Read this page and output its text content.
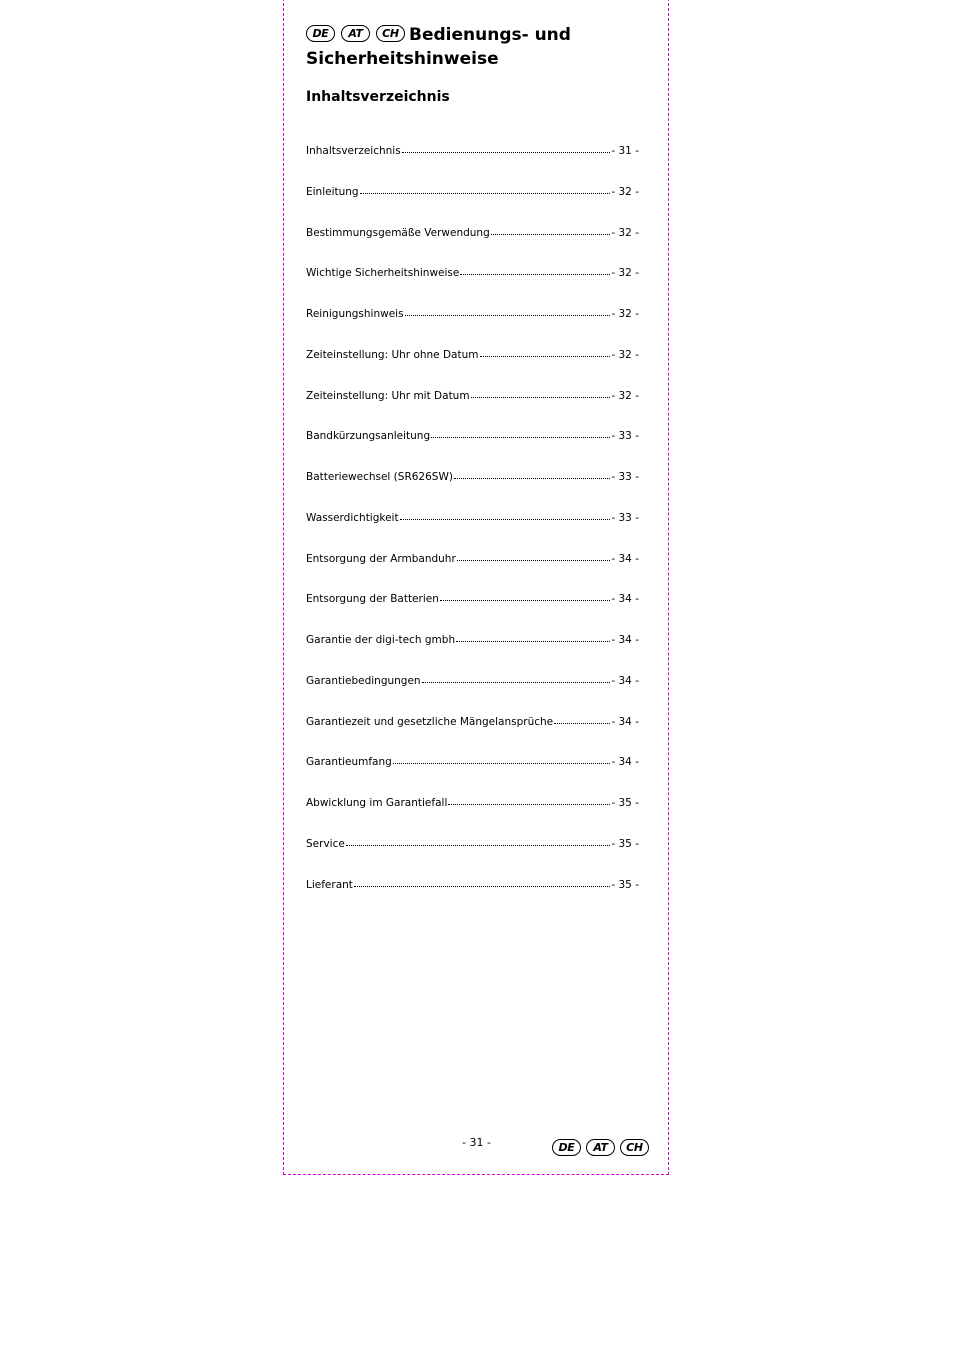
DE	AT	CH Bedienungs- und
Sicherheitshinweise
Inhaltsverzeichnis
Inhaltsverzeichnis	- 31 -
Einleitung	- 32 -
Bestimmungsgemäße Verwendung	- 32 -
Wichtige Sicherheitshinweise	- 32 -
Reinigungshinweis	- 32 -
Zeiteinstellung: Uhr ohne Datum	- 32 -
Zeiteinstellung: Uhr mit Datum	- 32 -
Bandkürzungsanleitung	- 33 -
Batteriewechsel (SR626SW)	- 33 -
Wasserdichtigkeit	- 33 -
Entsorgung der Armbanduhr	- 34 -
Entsorgung der Batterien	- 34 -
Garantie der digi-tech gmbh	- 34 -
Garantiebedingungen	- 34 -
Garantiezeit und gesetzliche Mängelansprüche	- 34 -
Garantieumfang	- 34 -
Abwicklung im Garantiefall	- 35 -
Service	- 35 -
Lieferant	- 35 -
- 31 -	DE	AT	CH
